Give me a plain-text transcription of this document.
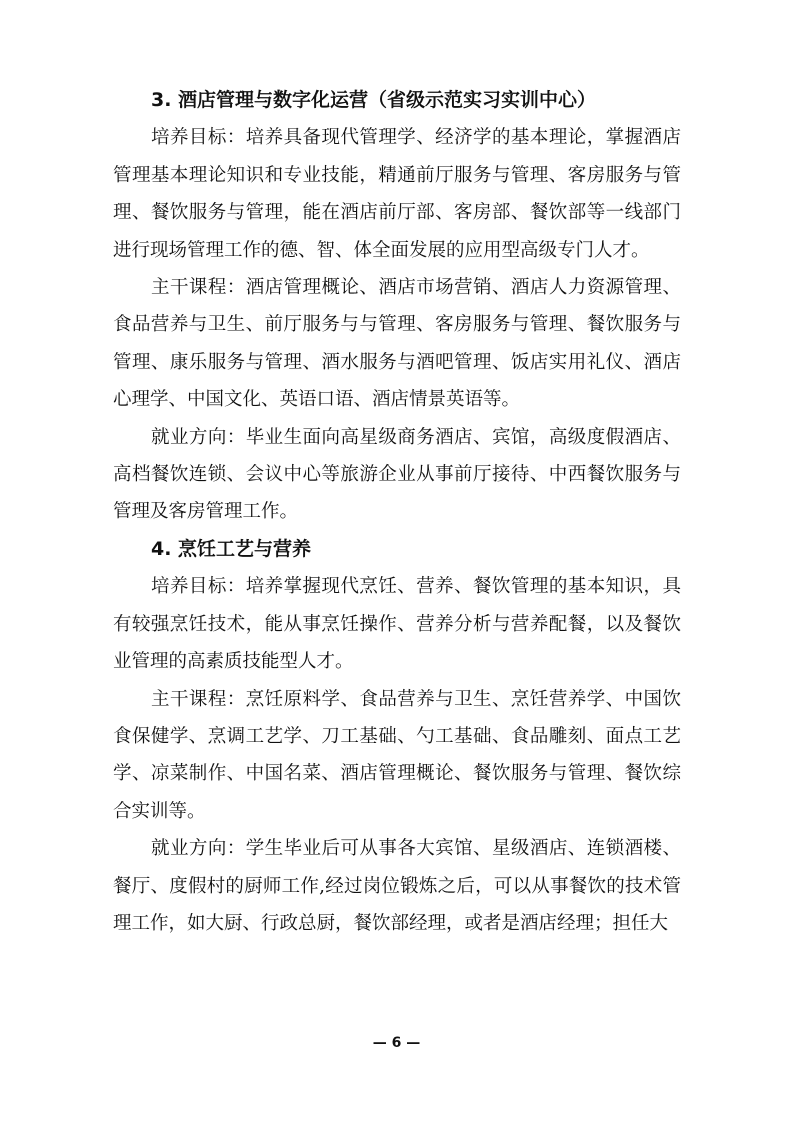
3. 酒店管理与数字化运营（省级示范实习实训中心）

培养目标：培养具备现代管理学、经济学的基本理论，掌握酒店管理基本理论知识和专业技能，精通前厅服务与管理、客房服务与管理、餐饮服务与管理，能在酒店前厅部、客房部、餐饮部等一线部门进行现场管理工作的德、智、体全面发展的应用型高级专门人才。

主干课程：酒店管理概论、酒店市场营销、酒店人力资源管理、食品营养与卫生、前厅服务与与管理、客房服务与管理、餐饮服务与管理、康乐服务与管理、酒水服务与酒吧管理、饭店实用礼仪、酒店心理学、中国文化、英语口语、酒店情景英语等。

就业方向：毕业生面向高星级商务酒店、宾馆，高级度假酒店、高档餐饮连锁、会议中心等旅游企业从事前厅接待、中西餐饮服务与管理及客房管理工作。

4. 烹饪工艺与营养

培养目标：培养掌握现代烹饪、营养、餐饮管理的基本知识，具有较强烹饪技术，能从事烹饪操作、营养分析与营养配餐，以及餐饮业管理的高素质技能型人才。

主干课程：烹饪原料学、食品营养与卫生、烹饪营养学、中国饮食保健学、烹调工艺学、刀工基础、勺工基础、食品雕刻、面点工艺学、凉菜制作、中国名菜、酒店管理概论、餐饮服务与管理、餐饮综合实训等。

就业方向：学生毕业后可从事各大宾馆、星级酒店、连锁酒楼、餐厅、度假村的厨师工作,经过岗位锻炼之后，可以从事餐饮的技术管理工作，如大厨、行政总厨，餐饮部经理，或者是酒店经理；担任大

— 6 —
